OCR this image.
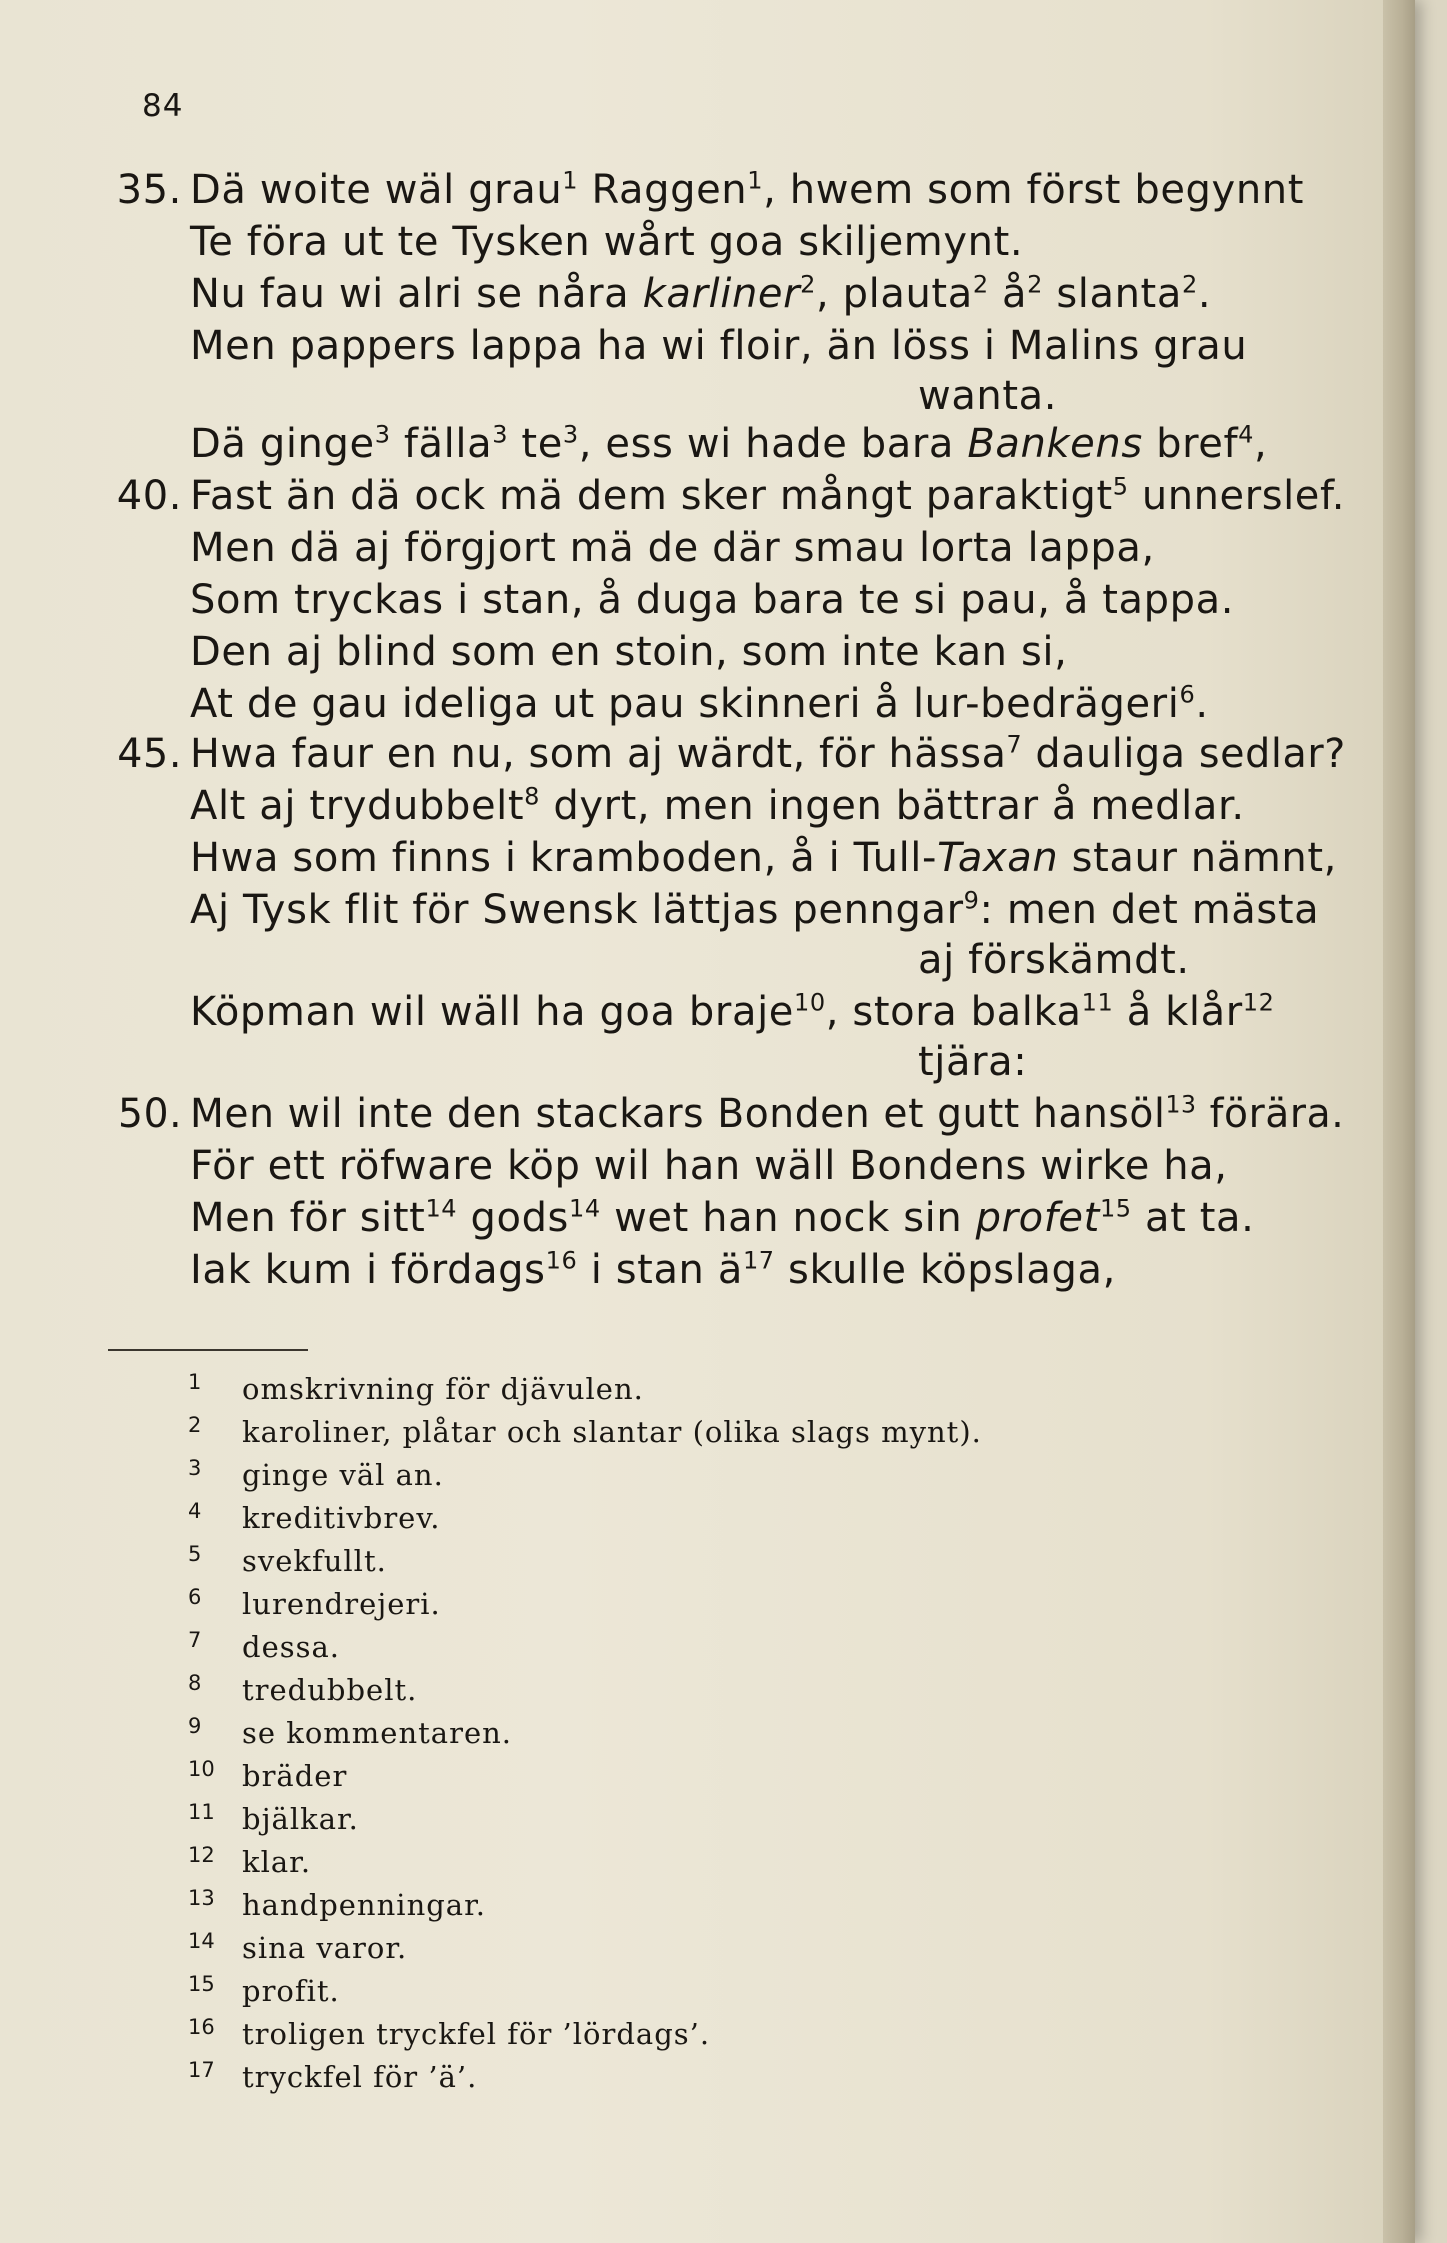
84
35. Dä woite wäl grau$^1$ Raggen$^1$, hwem som först begynnt
Te föra ut te Tysken wårt goa skiljemynt.
Nu fau wi alri se nåra karliner$^2$, plauta$^2$ $å^2$ slanta$^2$.
Men pappers lappa ha wi floir, än löss i Malins grau
wanta.
Dä ginge$^3$ fälla$^3$ $te^3$, ess wi hade bara Bankens bref$^4$,
40. Fast än dä ock mä dem sker mångt paraktigt$^5$ unnerslef.
Men dä aj förgjort mä de där smau lorta lappa,
Som tryckas i stan, å duga bara te si pau, å tappa.
Den aj blind som en stoin, som inte kan si,
At de gau ideliga ut pau skinneri å lur-bedrägeri$^6$.
45. Hwa faur en nu, som aj wärdt, för hässa$^7$ dauliga sedlar?
Alt aj trydubbelt$^8$ dyrt, men ingen bättrar å medlar.
Hwa som finns i kramboden, å i Tull-Taxan staur nämnt,
Aj Tysk flit för Swensk lättjas penngar$^9$: men det mästa
aj förskämdt.
Köpman wil wäll ha goa braje$^{10}$, stora balka$^{11}$ å klår$^{12}$
tjära:
50. Men wil inte den stackars Bonden et gutt hansöl$^{13}$ förära.
För ett röfware köp wil han wäll Bondens wirke ha,
Men för sitt$^{14}$ gods$^{14}$ wet han nock sin profet$^{15}$ at ta.
Iak kum i fördags$^{16}$ i stan $ä^{17}$ skulle köpslaga,
1 omskrivning för djävulen.
2 karoliner, plåtar och slantar (olika slags mynt).
3 ginge väl an.
4 kreditivbrev.
5 svekfullt.
6 lurendrejeri.
7 dessa.
8 tredubbelt.
9 se kommentaren.
10 bräder
11 bjälkar.
12 klar.
13 handpenningar.
14 sina varor.
15 profit.
16 troligen tryckfel för ’lördags’.
17 tryckfel för ’ä’.
